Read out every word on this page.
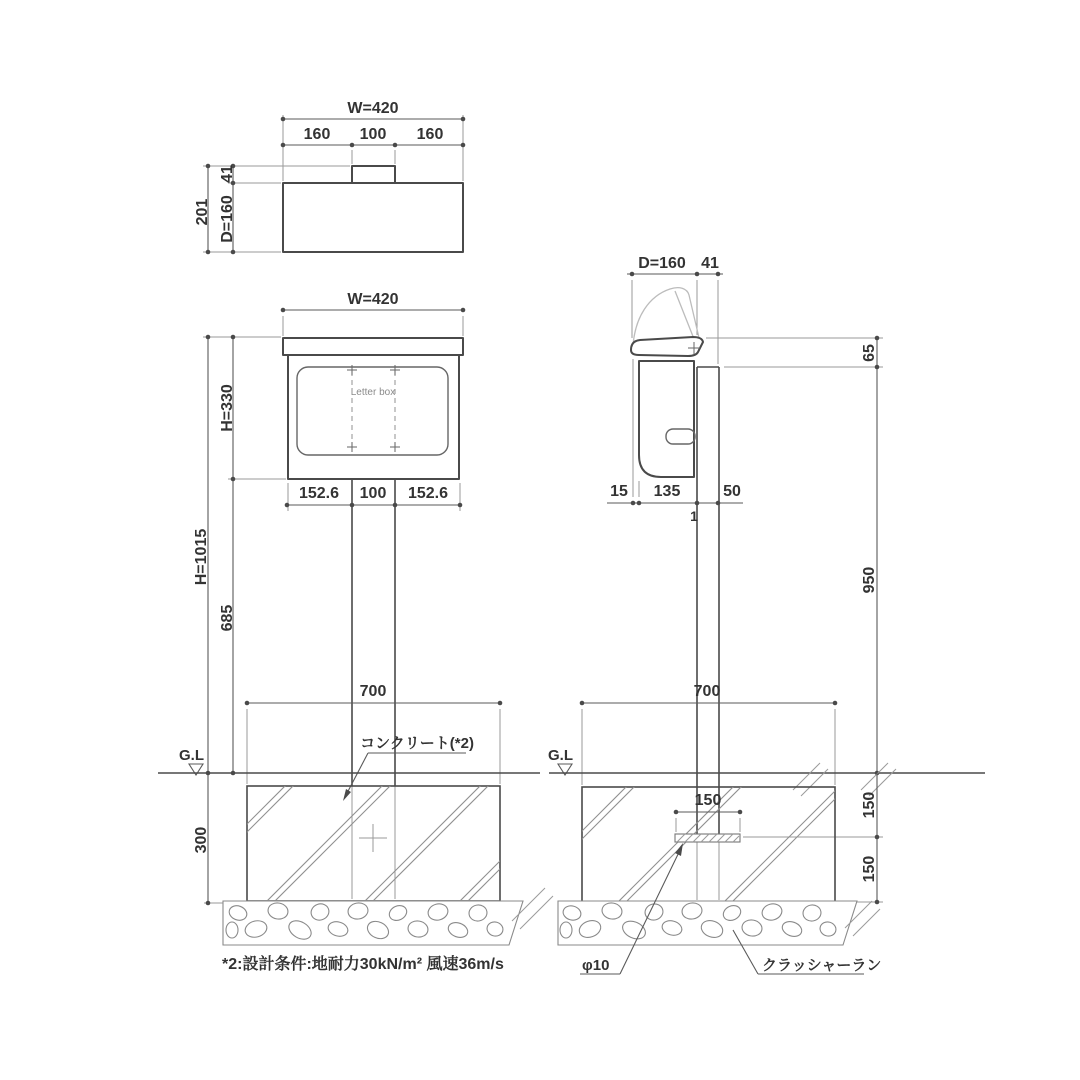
W=420
160 100 160
201
41
D=160
Letter box
W=420
152.6 100 152.6
H=330
685
H=1015
300
700
コンクリート(*2)
G.L
D=160 41
15 135	50
1
65
950
700
G.L
150	150
150
φ10	クラッシャーラン
*2:設計条件:地耐力30kN/m² 風速36m/s
